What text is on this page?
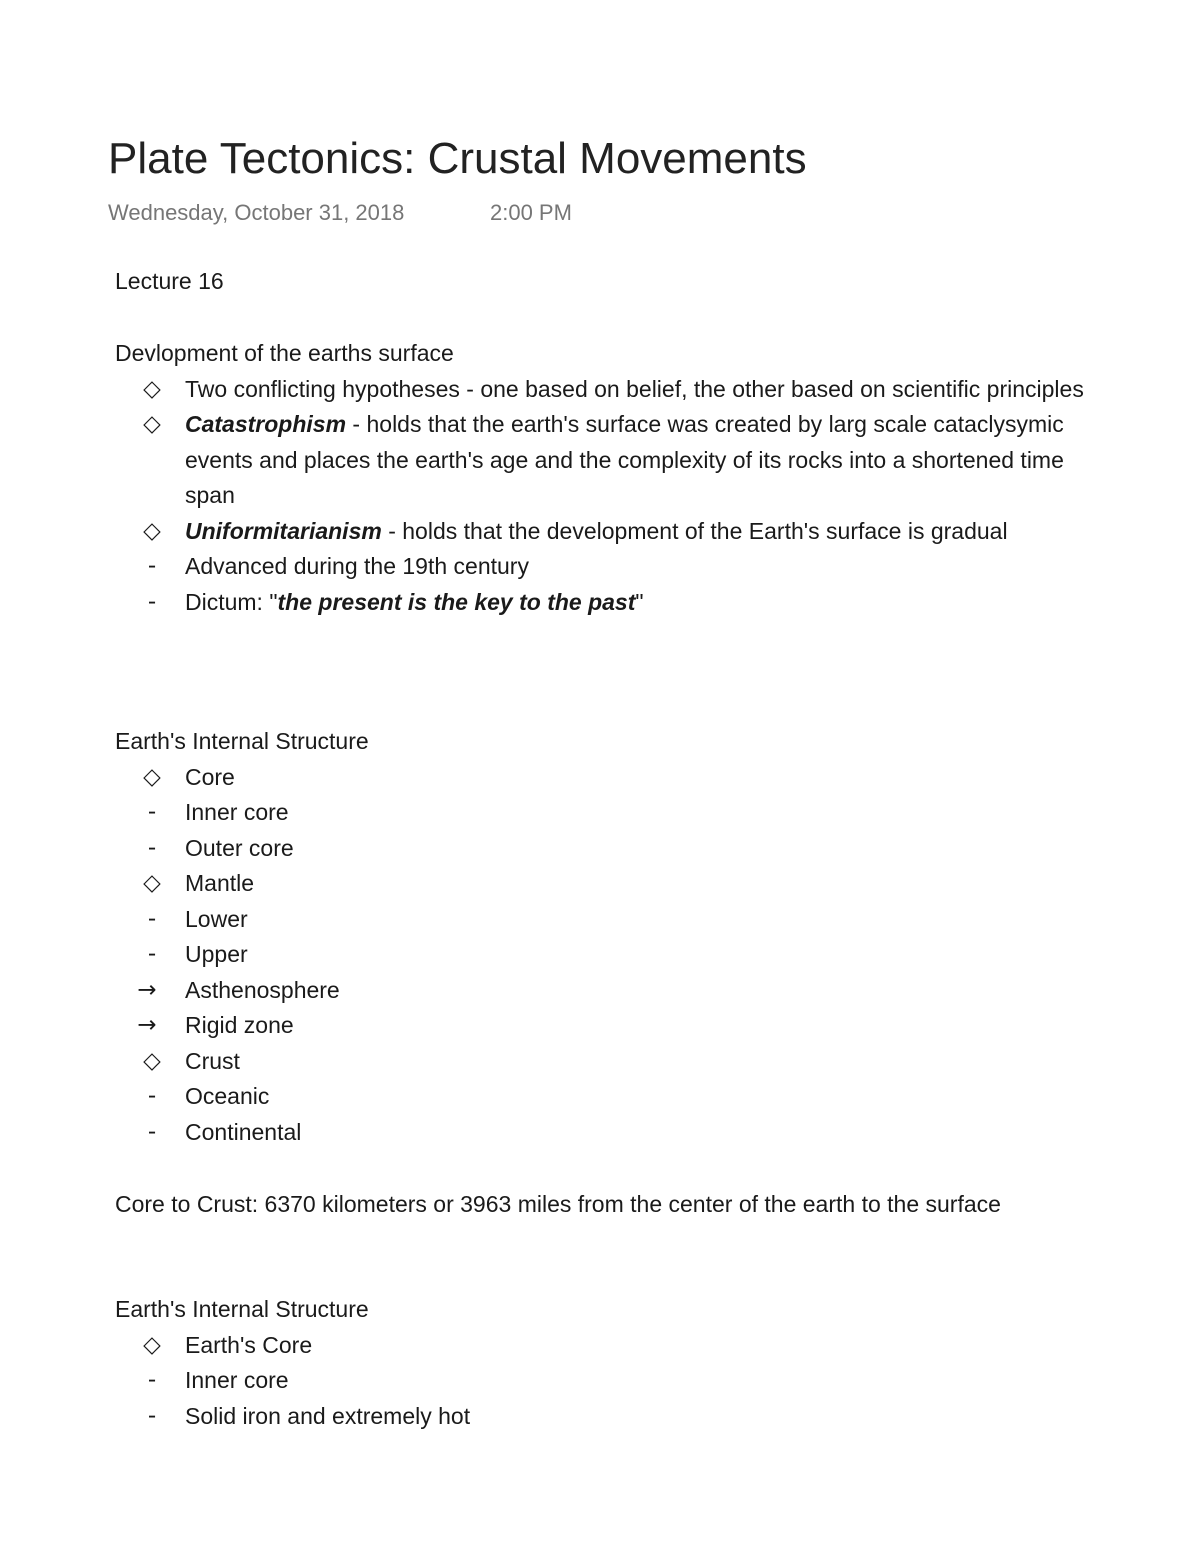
Plate Tectonics: Crustal Movements
Wednesday, October 31, 2018	2:00 PM

Lecture 16

Devlopment of the earths surface

◇	Two conflicting hypotheses - one based on belief, the other based on scientific principles

◇	Catastrophism - holds that the earth's surface was created by larg scale cataclysymic events and places the earth's age and the complexity of its rocks into a shortened time span

◇	Uniformitarianism - holds that the development of the Earth's surface is gradual

-	Advanced during the 19th century

-	Dictum: "the present is the key to the past"

Earth's Internal Structure

◇	Core

-	Inner core

-	Outer core

◇	Mantle

-	Lower

-	Upper

→	Asthenosphere

→	Rigid zone

◇	Crust

-	Oceanic

-	Continental

Core to Crust: 6370 kilometers or 3963 miles from the center of the earth to the surface

Earth's Internal Structure

◇	Earth's Core

-	Inner core

-	Solid iron and extremely hot
